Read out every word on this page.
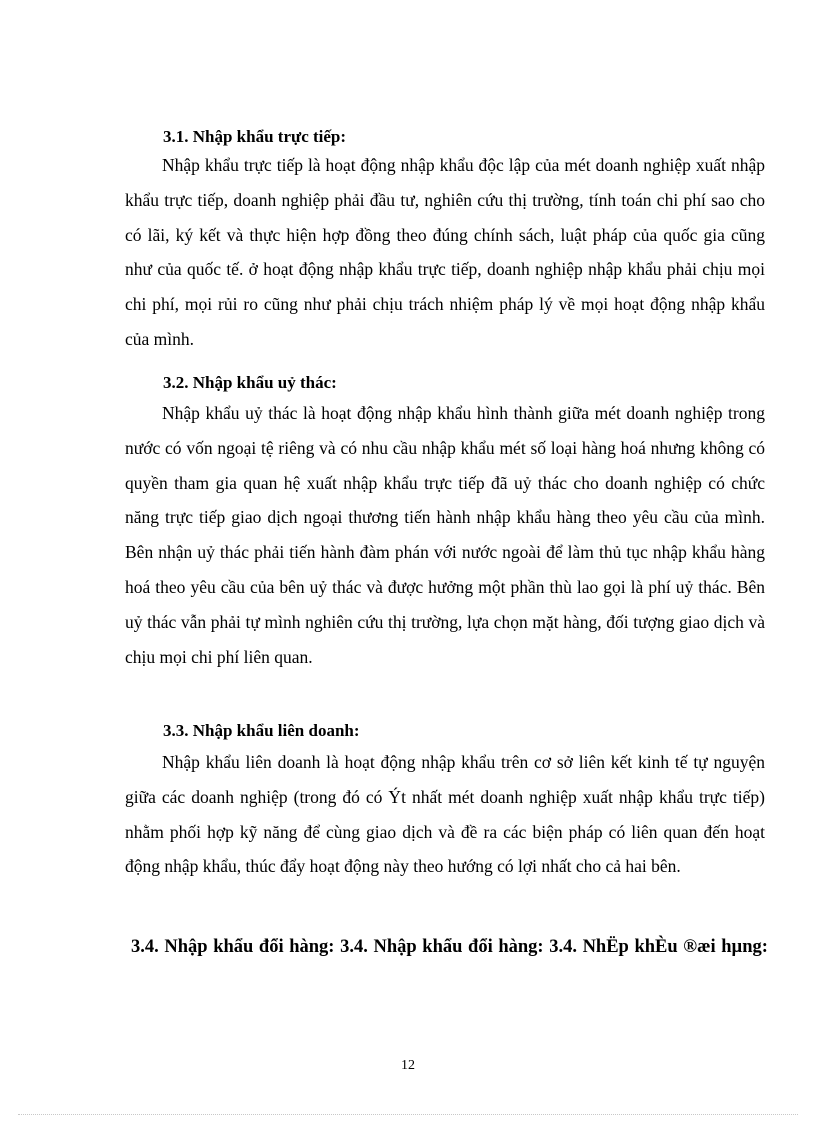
3.1. Nhập khẩu trực tiếp:
Nhập khẩu trực tiếp là hoạt động nhập khẩu độc lập của mét doanh nghiệp xuất nhập khẩu trực tiếp, doanh nghiệp phải đầu tư, nghiên cứu thị trường, tính toán chi phí sao cho có lãi, ký kết và thực hiện hợp đồng theo đúng chính sách, luật pháp của quốc gia cũng như của quốc tế. ở hoạt động nhập khẩu trực tiếp, doanh nghiệp nhập khẩu phải chịu mọi chi phí, mọi rủi ro cũng như phải chịu trách nhiệm pháp lý về mọi hoạt động nhập khẩu của mình.
3.2. Nhập khẩu uỷ thác:
Nhập khẩu uỷ thác là hoạt động nhập khẩu hình thành giữa mét doanh nghiệp trong nước có vốn ngoại tệ riêng và có nhu cầu nhập khẩu mét số loại hàng hoá nhưng không có quyền tham gia quan hệ xuất nhập khẩu trực tiếp đã uỷ thác cho doanh nghiệp có chức năng trực tiếp giao dịch ngoại thương tiến hành nhập khẩu hàng theo yêu cầu của mình. Bên nhận uỷ thác phải tiến hành đàm phán với nước ngoài để làm thủ tục nhập khẩu hàng hoá theo yêu cầu của bên uỷ thác và được hưởng một phần thù lao gọi là phí uỷ thác. Bên uỷ thác vẫn phải tự mình nghiên cứu thị trường, lựa chọn mặt hàng, đối tượng giao dịch và chịu mọi chi phí liên quan.
3.3. Nhập khẩu liên doanh:
Nhập khẩu liên doanh là hoạt động nhập khẩu trên cơ sở liên kết kinh tế tự nguyện giữa các doanh nghiệp (trong đó có Ýt nhất mét doanh nghiệp xuất nhập khẩu trực tiếp) nhằm phối hợp kỹ năng để cùng giao dịch và đề ra các biện pháp có liên quan đến hoạt động nhập khẩu, thúc đẩy hoạt động này theo hướng có lợi nhất cho cả hai bên.
3.4. Nhập khẩu đổi hàng: 3.4. Nhập khẩu đổi hàng: 3.4. NhËp khÈu ®æi hµng:
12
